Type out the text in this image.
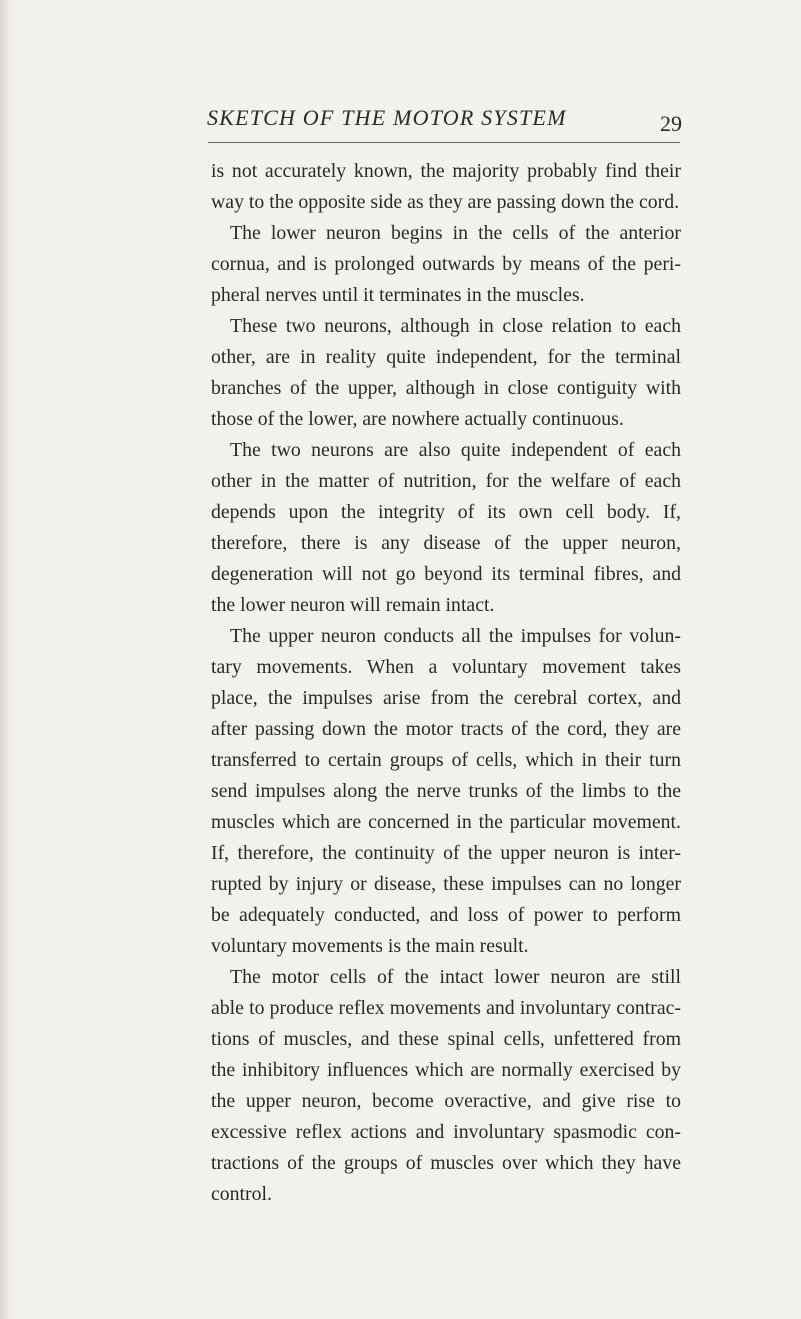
SKETCH OF THE MOTOR SYSTEM	29
is not accurately known, the majority probably find their
way to the opposite side as they are passing down the cord.
The lower neuron begins in the cells of the anterior
cornua, and is prolonged outwards by means of the peri-
pheral nerves until it terminates in the muscles.
These two neurons, although in close relation to each
other, are in reality quite independent, for the terminal
branches of the upper, although in close contiguity with
those of the lower, are nowhere actually continuous.
The two neurons are also quite independent of each
other in the matter of nutrition, for the welfare of each
depends upon the integrity of its own cell body. If,
therefore, there is any disease of the upper neuron,
degeneration will not go beyond its terminal fibres, and
the lower neuron will remain intact.
The upper neuron conducts all the impulses for volun-
tary movements. When a voluntary movement takes
place, the impulses arise from the cerebral cortex, and
after passing down the motor tracts of the cord, they are
transferred to certain groups of cells, which in their turn
send impulses along the nerve trunks of the limbs to the
muscles which are concerned in the particular movement.
If, therefore, the continuity of the upper neuron is inter-
rupted by injury or disease, these impulses can no longer
be adequately conducted, and loss of power to perform
voluntary movements is the main result.
The motor cells of the intact lower neuron are still
able to produce reflex movements and involuntary contrac-
tions of muscles, and these spinal cells, unfettered from
the inhibitory influences which are normally exercised by
the upper neuron, become overactive, and give rise to
excessive reflex actions and involuntary spasmodic con-
tractions of the groups of muscles over which they have
control.
